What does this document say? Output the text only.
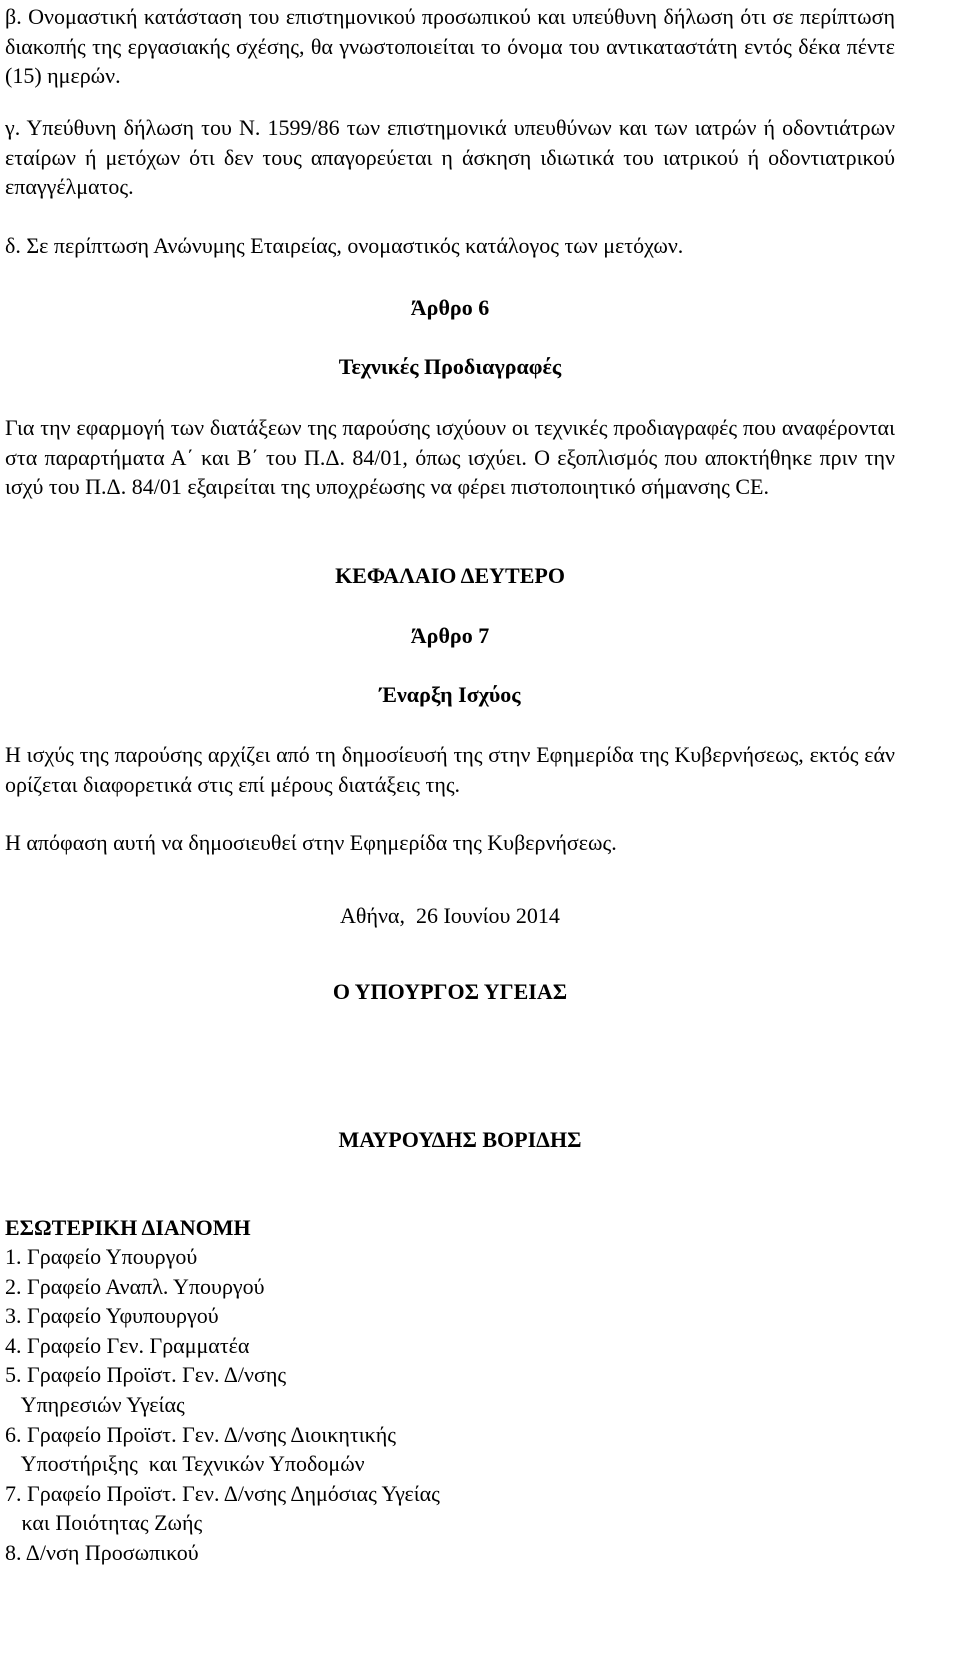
β. Ονομαστική κατάσταση του επιστημονικού προσωπικού και υπεύθυνη δήλωση ότι σε περίπτωση διακοπής της εργασιακής σχέσης, θα γνωστοποιείται το όνομα του αντικαταστάτη εντός δέκα πέντε (15) ημερών.
γ. Υπεύθυνη δήλωση του Ν. 1599/86 των επιστημονικά υπευθύνων και των ιατρών ή οδοντιάτρων εταίρων ή μετόχων ότι δεν τους απαγορεύεται η άσκηση ιδιωτικά του ιατρικού ή οδοντιατρικού επαγγέλματος.
δ. Σε περίπτωση Ανώνυμης Εταιρείας, ονομαστικός κατάλογος των μετόχων.
Άρθρο 6
Τεχνικές Προδιαγραφές
Για την εφαρμογή των διατάξεων της παρούσης ισχύουν οι τεχνικές προδιαγραφές που αναφέρονται στα παραρτήματα Α΄ και Β΄ του Π.Δ. 84/01, όπως ισχύει. Ο εξοπλισμός που αποκτήθηκε πριν την ισχύ του Π.Δ. 84/01 εξαιρείται της υποχρέωσης να φέρει πιστοποιητικό σήμανσης CE.
ΚΕΦΑΛΑΙΟ ΔΕΥΤΕΡΟ
Άρθρο 7
Έναρξη Ισχύος
Η ισχύς της παρούσης αρχίζει από τη δημοσίευσή της στην Εφημερίδα της Κυβερνήσεως, εκτός εάν ορίζεται διαφορετικά στις επί μέρους διατάξεις της.
Η απόφαση αυτή να δημοσιευθεί στην Εφημερίδα της Κυβερνήσεως.
Αθήνα,  26 Ιουνίου 2014
Ο ΥΠΟΥΡΓΟΣ ΥΓΕΙΑΣ
ΜΑΥΡΟΥΔΗΣ ΒΟΡΙΔΗΣ
ΕΣΩΤΕΡΙΚΗ ΔΙΑΝΟΜΗ
1. Γραφείο Υπουργού
2. Γραφείο Αναπλ. Υπουργού
3. Γραφείο Υφυπουργού
4. Γραφείο Γεν. Γραμματέα
5. Γραφείο Προϊστ. Γεν. Δ/νσης
Υπηρεσιών Υγείας
6. Γραφείο Προϊστ. Γεν. Δ/νσης Διοικητικής
Υποστήριξης  και Τεχνικών Υποδομών
7. Γραφείο Προϊστ. Γεν. Δ/νσης Δημόσιας Υγείας
και Ποιότητας Ζωής
8. Δ/νση Προσωπικού
